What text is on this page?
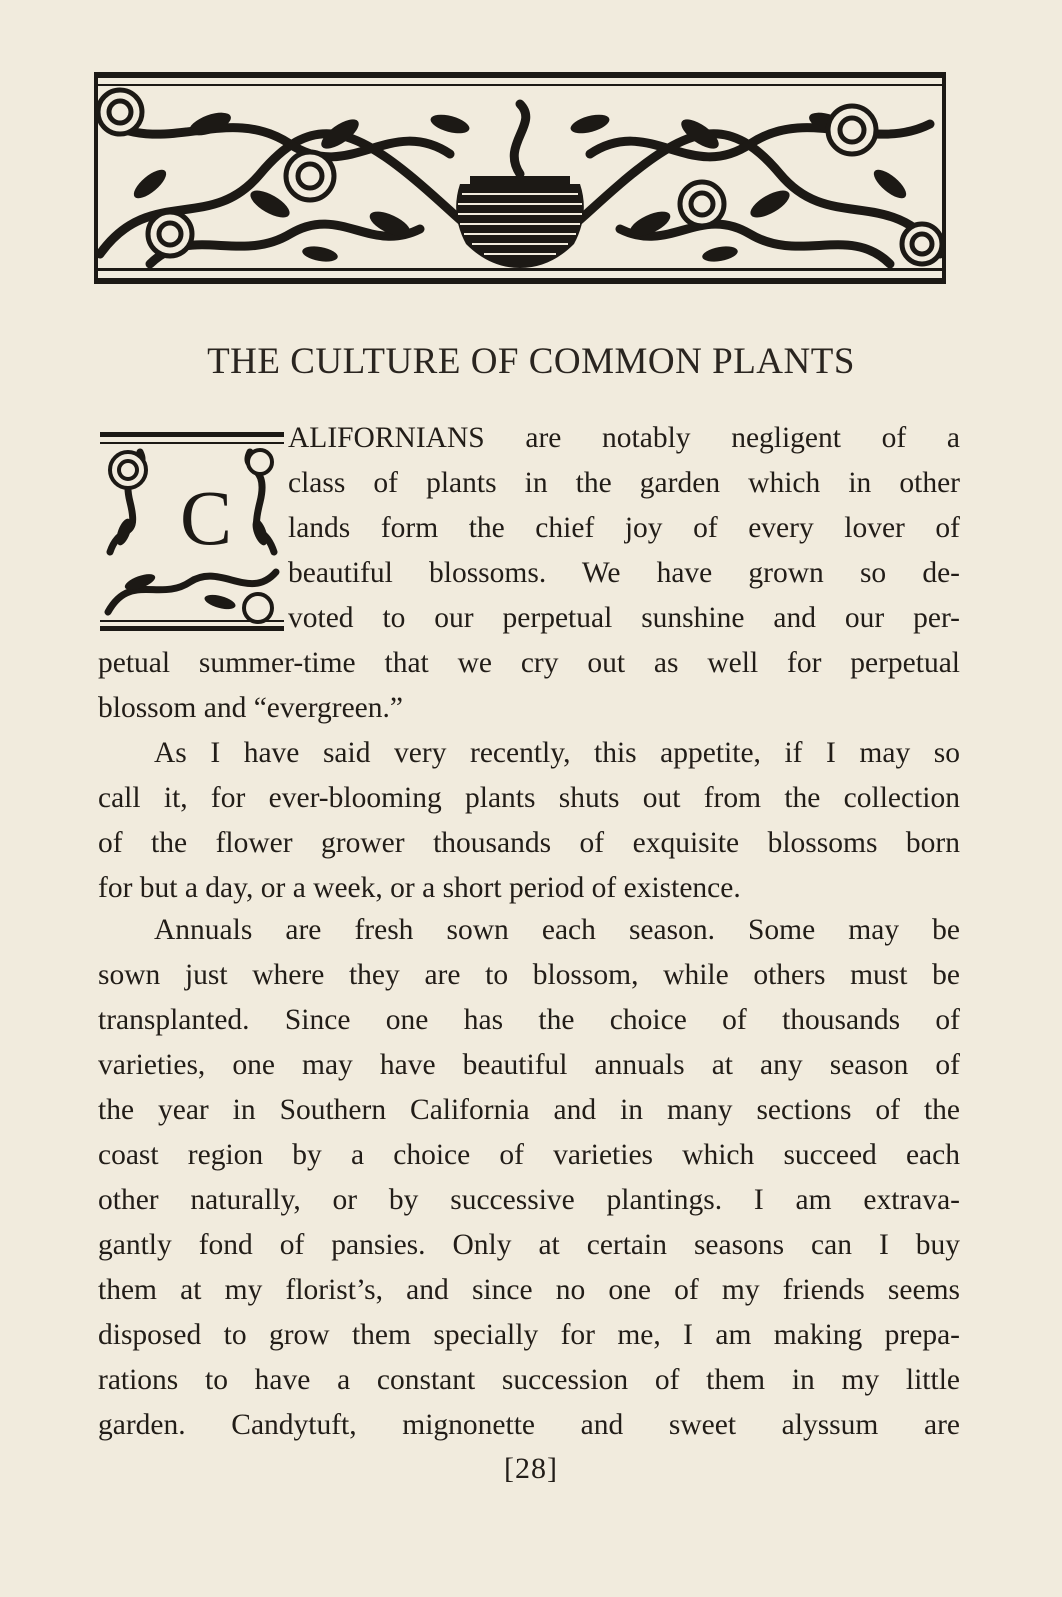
THE CULTURE OF COMMON PLANTS
C
ALIFORNIANS are notably negligent of a
class of plants in the garden which in other
lands form the chief joy of every lover of
beautiful blossoms. We have grown so de-
voted to our perpetual sunshine and our per-
petual summer-time that we cry out as well for perpetual
blossom and “evergreen.”
As I have said very recently, this appetite, if I may so
call it, for ever-blooming plants shuts out from the collection
of the flower grower thousands of exquisite blossoms born
for but a day, or a week, or a short period of existence.
Annuals are fresh sown each season. Some may be
sown just where they are to blossom, while others must be
transplanted. Since one has the choice of thousands of
varieties, one may have beautiful annuals at any season of
the year in Southern California and in many sections of the
coast region by a choice of varieties which succeed each
other naturally, or by successive plantings. I am extrava-
gantly fond of pansies. Only at certain seasons can I buy
them at my florist’s, and since no one of my friends seems
disposed to grow them specially for me, I am making prepa-
rations to have a constant succession of them in my little
garden. Candytuft, mignonette and sweet alyssum are
[28]
